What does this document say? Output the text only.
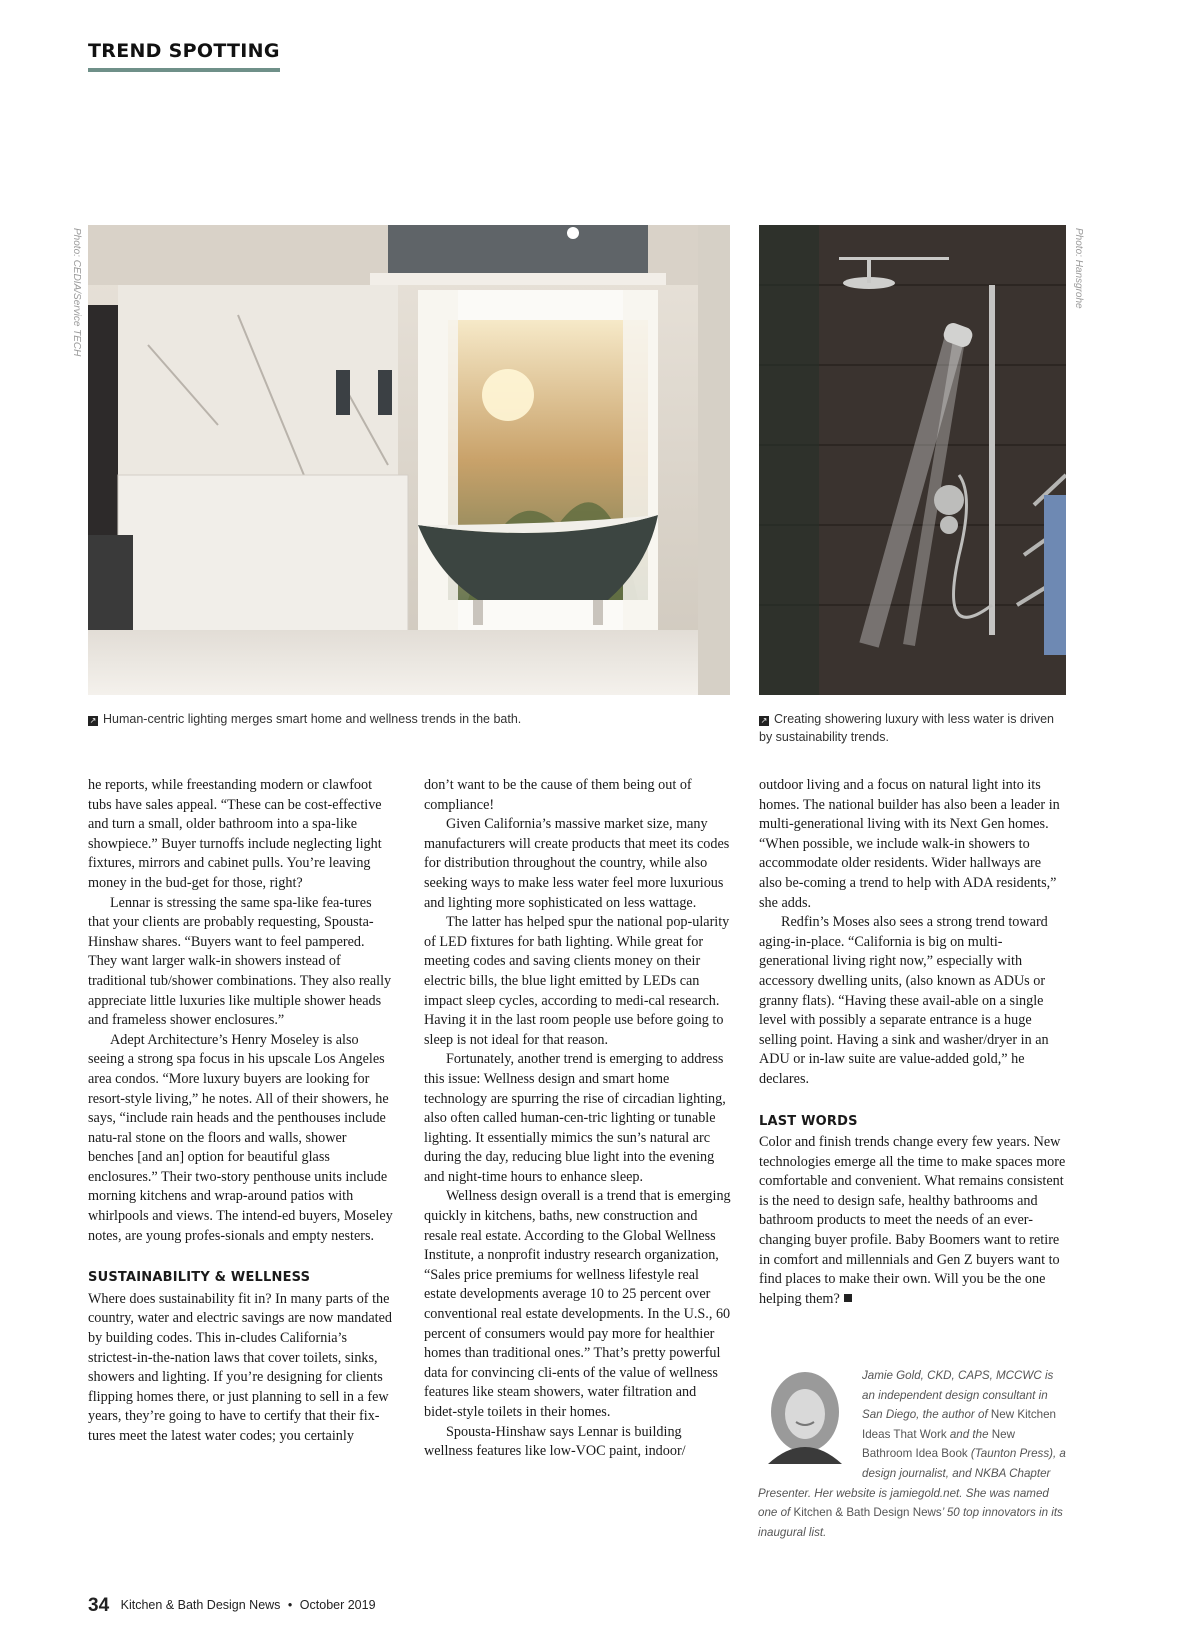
TREND SPOTTING
Photo: CEDIA/Service TECH	Photo: Hansgrohe
↗ Human-centric lighting merges smart home and wellness trends in the bath.	↗ Creating showering luxury with less water is driven by sustainability trends.

he reports, while freestanding modern or clawfoot tubs have sales appeal. “These can be cost-effective and turn a small, older bathroom into a spa-like showpiece.” Buyer turnoffs include neglecting light fixtures, mirrors and cabinet pulls. You’re leaving money in the bud-get for those, right?

Lennar is stressing the same spa-like fea-tures that your clients are probably requesting, Spousta-Hinshaw shares. “Buyers want to feel pampered. They want larger walk-in showers instead of traditional tub/shower combinations. They also really appreciate little luxuries like multiple shower heads and frameless shower enclosures.”

Adept Architecture’s Henry Moseley is also seeing a strong spa focus in his upscale Los Angeles area condos. “More luxury buyers are looking for resort-style living,” he notes. All of their showers, he says, “include rain heads and the penthouses include natu-ral stone on the floors and walls, shower benches [and an] option for beautiful glass enclosures.” Their two-story penthouse units include morning kitchens and wrap-around patios with whirlpools and views. The intend-ed buyers, Moseley notes, are young profes-sionals and empty nesters.

SUSTAINABILITY & WELLNESS

Where does sustainability fit in? In many parts of the country, water and electric savings are now mandated by building codes. This in-cludes California’s strictest-in-the-nation laws that cover toilets, sinks, showers and lighting. If you’re designing for clients flipping homes there, or just planning to sell in a few years, they’re going to have to certify that their fix-tures meet the latest water codes; you certainly

don’t want to be the cause of them being out of compliance!

Given California’s massive market size, many manufacturers will create products that meet its codes for distribution throughout the country, while also seeking ways to make less water feel more luxurious and lighting more sophisticated on less wattage.

The latter has helped spur the national pop-ularity of LED fixtures for bath lighting. While great for meeting codes and saving clients money on their electric bills, the blue light emitted by LEDs can impact sleep cycles, according to medi-cal research. Having it in the last room people use before going to sleep is not ideal for that reason.

Fortunately, another trend is emerging to address this issue: Wellness design and smart home technology are spurring the rise of circadian lighting, also often called human-cen-tric lighting or tunable lighting. It essentially mimics the sun’s natural arc during the day, reducing blue light into the evening and night-time hours to enhance sleep.

Wellness design overall is a trend that is emerging quickly in kitchens, baths, new construction and resale real estate. According to the Global Wellness Institute, a nonprofit industry research organization, “Sales price premiums for wellness lifestyle real estate developments average 10 to 25 percent over conventional real estate developments. In the U.S., 60 percent of consumers would pay more for healthier homes than traditional ones.” That’s pretty powerful data for convincing cli-ents of the value of wellness features like steam showers, water filtration and bidet-style toilets in their homes.

Spousta-Hinshaw says Lennar is building wellness features like low-VOC paint, indoor/

outdoor living and a focus on natural light into its homes. The national builder has also been a leader in multi-generational living with its Next Gen homes. “When possible, we include walk-in showers to accommodate older residents. Wider hallways are also be-coming a trend to help with ADA residents,” she adds.

Redfin’s Moses also sees a strong trend toward aging-in-place. “California is big on multi-generational living right now,” especially with accessory dwelling units, (also known as ADUs or granny flats). “Having these avail-able on a single level with possibly a separate entrance is a huge selling point. Having a sink and washer/dryer in an ADU or in-law suite are value-added gold,” he declares.

LAST WORDS

Color and finish trends change every few years. New technologies emerge all the time to make spaces more comfortable and convenient. What remains consistent is the need to design safe, healthy bathrooms and bathroom products to meet the needs of an ever-changing buyer profile. Baby Boomers want to retire in comfort and millennials and Gen Z buyers want to find places to make their own. Will you be the one helping them?

Jamie Gold, CKD, CAPS, MCCWC is an independent design consultant in San Diego, the author of New Kitchen Ideas That Work and the New Bathroom Idea Book (Taunton Press), a design journalist, and NKBA Chapter Presenter. Her website is jamiegold.net. She was named one of Kitchen & Bath Design News’ 50 top innovators in its inaugural list.
34 Kitchen & Bath Design News • October 2019
